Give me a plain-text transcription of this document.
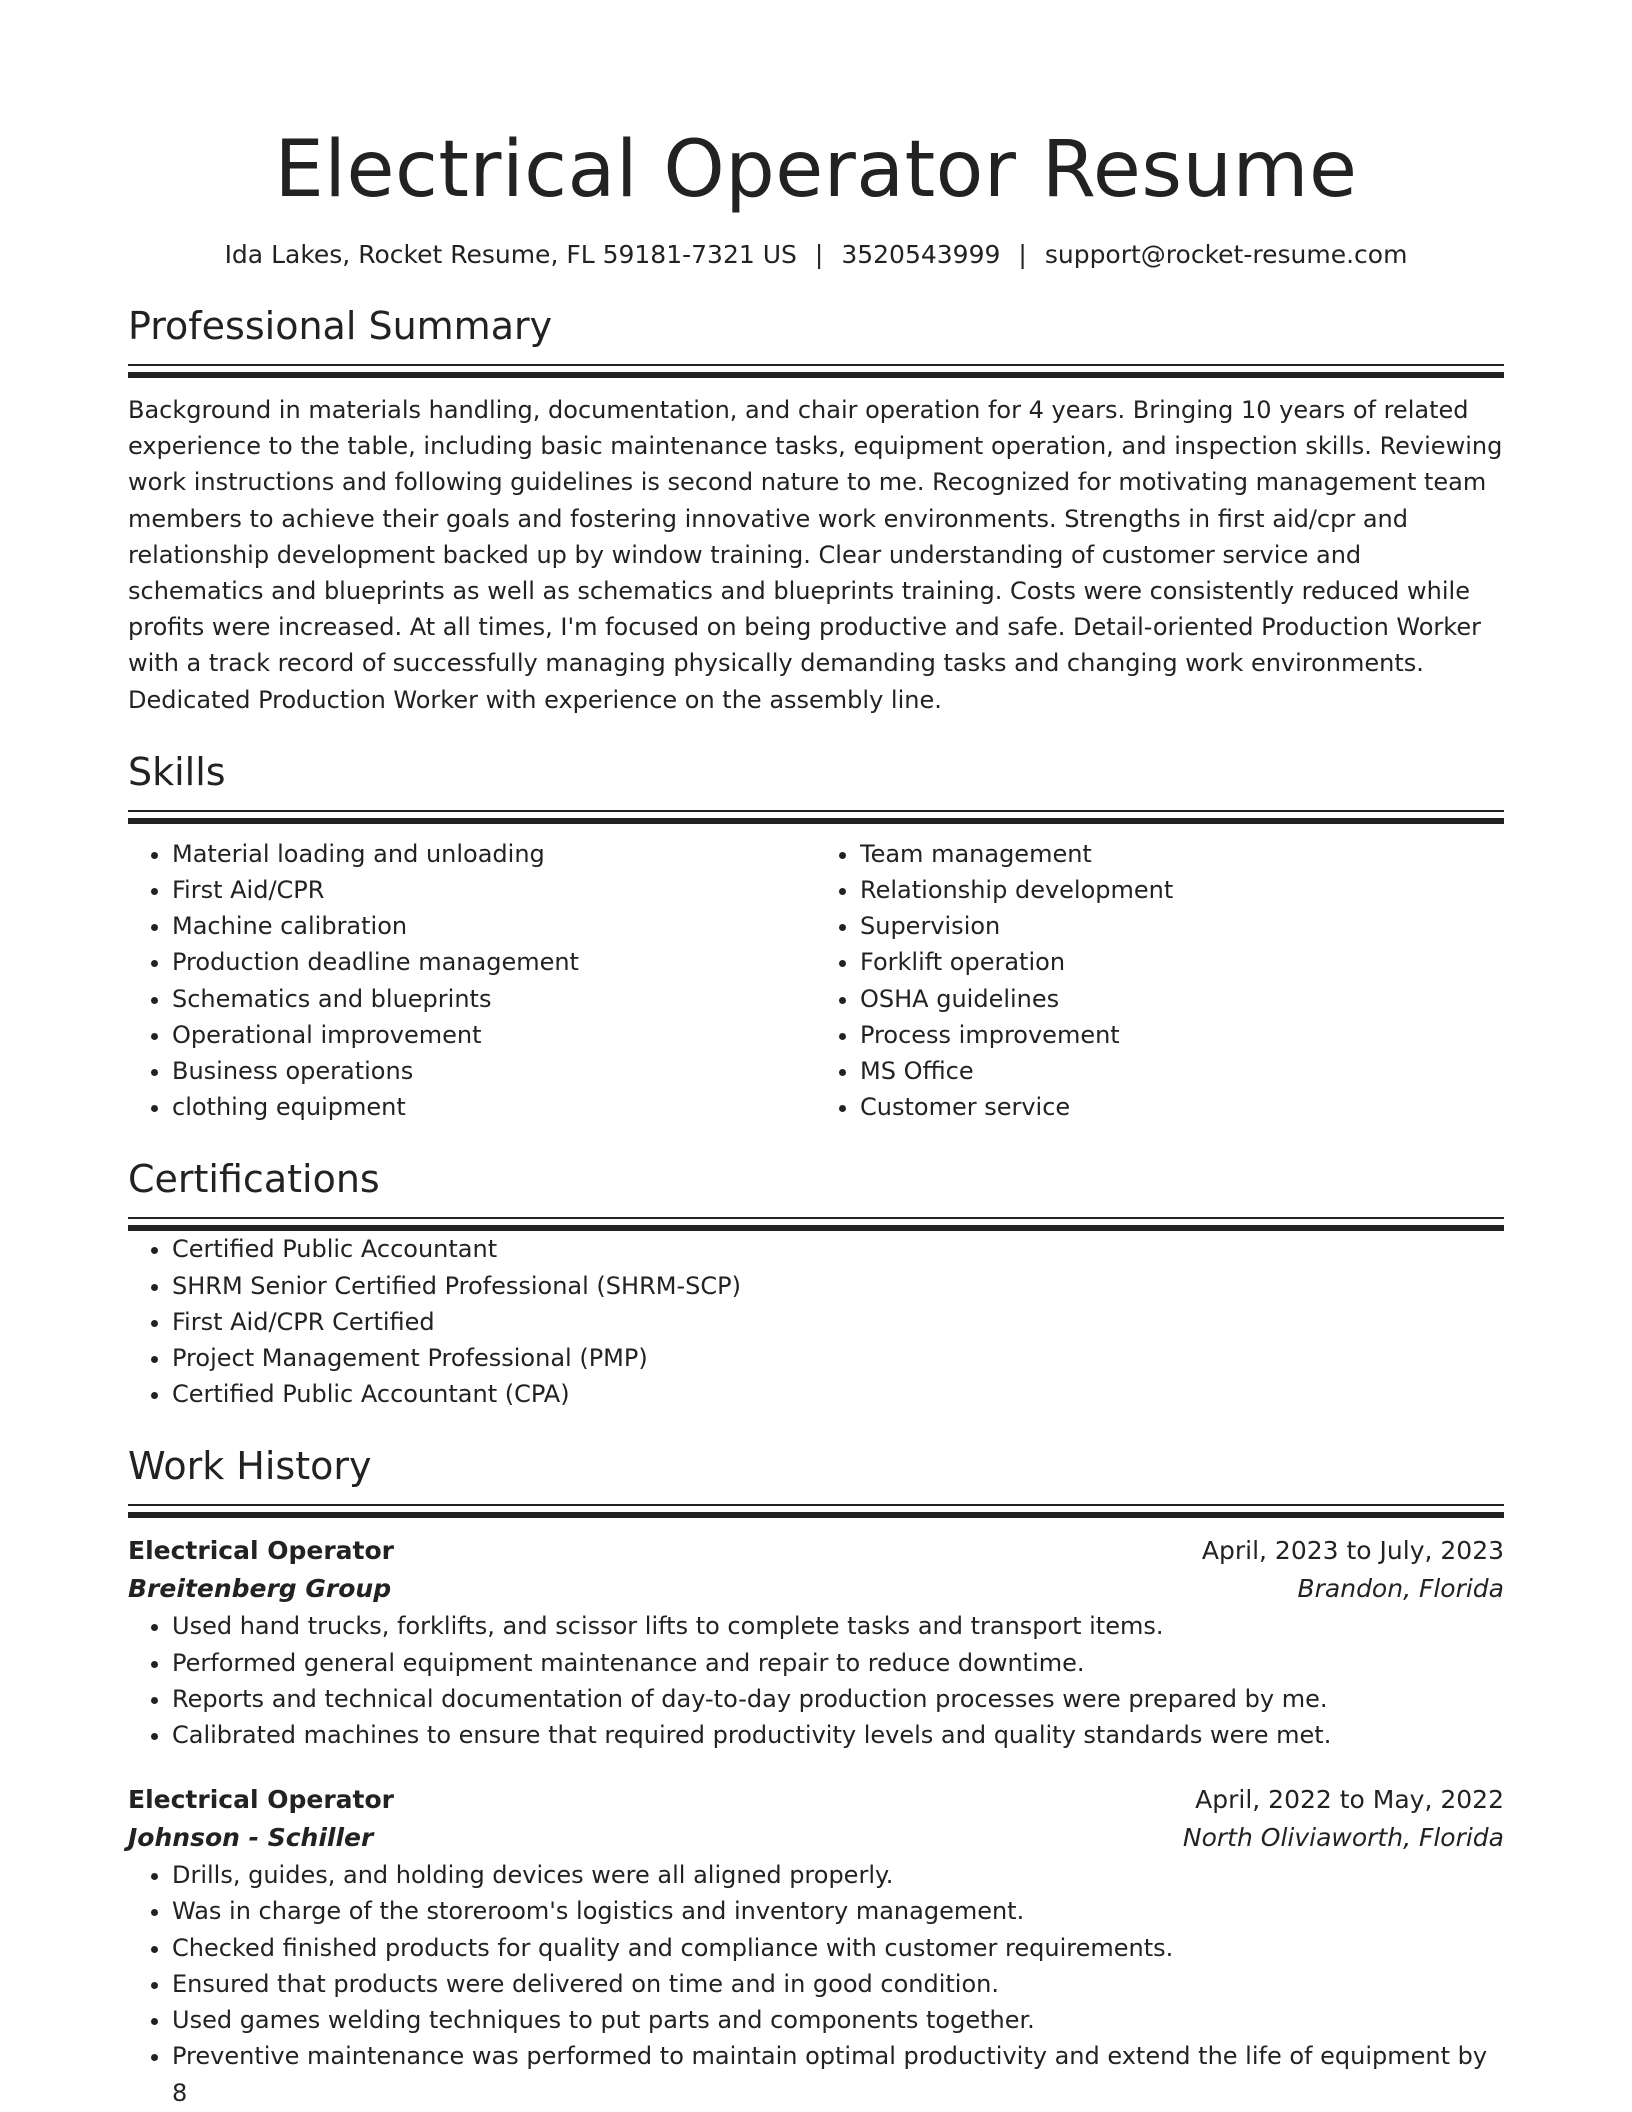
Electrical Operator Resume
Ida Lakes, Rocket Resume, FL 59181-7321 US | 3520543999 | support@rocket-resume.com
Professional Summary

Background in materials handling, documentation, and chair operation for 4 years. Bringing 10 years of related experience to the table, including basic maintenance tasks, equipment operation, and inspection skills. Reviewing work instructions and following guidelines is second nature to me. Recognized for motivating management team members to achieve their goals and fostering innovative work environments. Strengths in first aid/cpr and relationship development backed up by window training. Clear understanding of customer service and schematics and blueprints as well as schematics and blueprints training. Costs were consistently reduced while profits were increased. At all times, I'm focused on being productive and safe. Detail-oriented Production Worker with a track record of successfully managing physically demanding tasks and changing work environments. Dedicated Production Worker with experience on the assembly line.

Skills
• Material loading and unloading
• First Aid/CPR
• Machine calibration
• Production deadline management
• Schematics and blueprints
• Operational improvement
• Business operations
• clothing equipment
• Team management
• Relationship development
• Supervision
• Forklift operation
• OSHA guidelines
• Process improvement
• MS Office
• Customer service
Certifications
• Certified Public Accountant
• SHRM Senior Certified Professional (SHRM-SCP)
• First Aid/CPR Certified
• Project Management Professional (PMP)
• Certified Public Accountant (CPA)
Work History
Electrical Operator	April, 2023 to July, 2023
Breitenberg Group	Brandon, Florida
• Used hand trucks, forklifts, and scissor lifts to complete tasks and transport items.
• Performed general equipment maintenance and repair to reduce downtime.
• Reports and technical documentation of day-to-day production processes were prepared by me.
• Calibrated machines to ensure that required productivity levels and quality standards were met.
Electrical Operator	April, 2022 to May, 2022
Johnson - Schiller	North Oliviaworth, Florida
• Drills, guides, and holding devices were all aligned properly.
• Was in charge of the storeroom's logistics and inventory management.
• Checked finished products for quality and compliance with customer requirements.
• Ensured that products were delivered on time and in good condition.
• Used games welding techniques to put parts and components together.
• Preventive maintenance was performed to maintain optimal productivity and extend the life of equipment by 8
